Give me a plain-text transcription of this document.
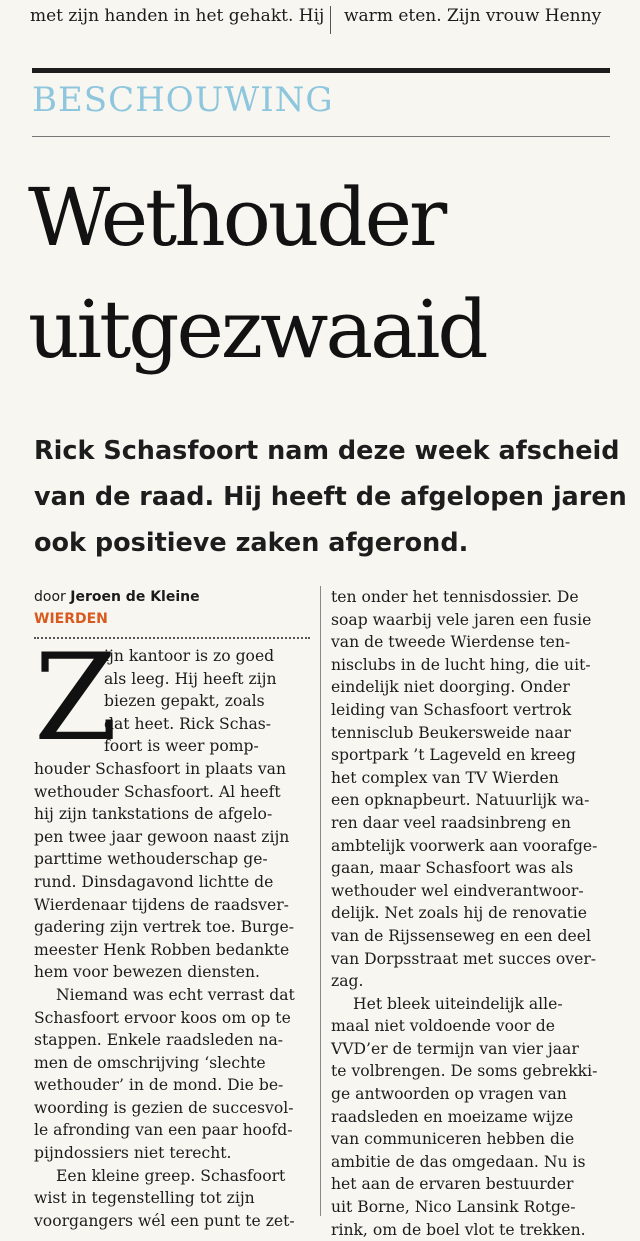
met zijn handen in het gehakt. Hij warm eten. Zijn vrouw Henny
BESCHOUWING
Wethouder
uitgezwaaid

Rick Schasfoort nam deze week afscheid
van de raad. Hij heeft de afgelopen jaren
ook positieve zaken afgerond.

door Jeroen de Kleine
WIERDEN
Z
ijn kantoor is zo goed
als leeg. Hij heeft zijn
biezen gepakt, zoals
dat heet. Rick Schas-
foort is weer pomp-
houder Schasfoort in plaats van
wethouder Schasfoort. Al heeft
hij zijn tankstations de afgelo-
pen twee jaar gewoon naast zijn
parttime wethouderschap ge-
rund. Dinsdagavond lichtte de
Wierdenaar tijdens de raadsver-
gadering zijn vertrek toe. Burge-
meester Henk Robben bedankte
hem voor bewezen diensten.
Niemand was echt verrast dat
Schasfoort ervoor koos om op te
stappen. Enkele raadsleden na-
men de omschrijving ‘slechte
wethouder’ in de mond. Die be-
woording is gezien de succesvol-
le afronding van een paar hoofd-
pijndossiers niet terecht.
Een kleine greep. Schasfoort
wist in tegenstelling tot zijn
voorgangers wél een punt te zet-
ten onder het tennisdossier. De
soap waarbij vele jaren een fusie
van de tweede Wierdense ten-
nisclubs in de lucht hing, die uit-
eindelijk niet doorging. Onder
leiding van Schasfoort vertrok
tennisclub Beukersweide naar
sportpark ’t Lageveld en kreeg
het complex van TV Wierden
een opknapbeurt. Natuurlijk wa-
ren daar veel raadsinbreng en
ambtelijk voorwerk aan voorafge-
gaan, maar Schasfoort was als
wethouder wel eindverantwoor-
delijk. Net zoals hij de renovatie
van de Rijssenseweg en een deel
van Dorpsstraat met succes over-
zag.
Het bleek uiteindelijk alle-
maal niet voldoende voor de
VVD’er de termijn van vier jaar
te volbrengen. De soms gebrekki-
ge antwoorden op vragen van
raadsleden en moeizame wijze
van communiceren hebben die
ambitie de das omgedaan. Nu is
het aan de ervaren bestuurder
uit Borne, Nico Lansink Rotge-
rink, om de boel vlot te trekken.
